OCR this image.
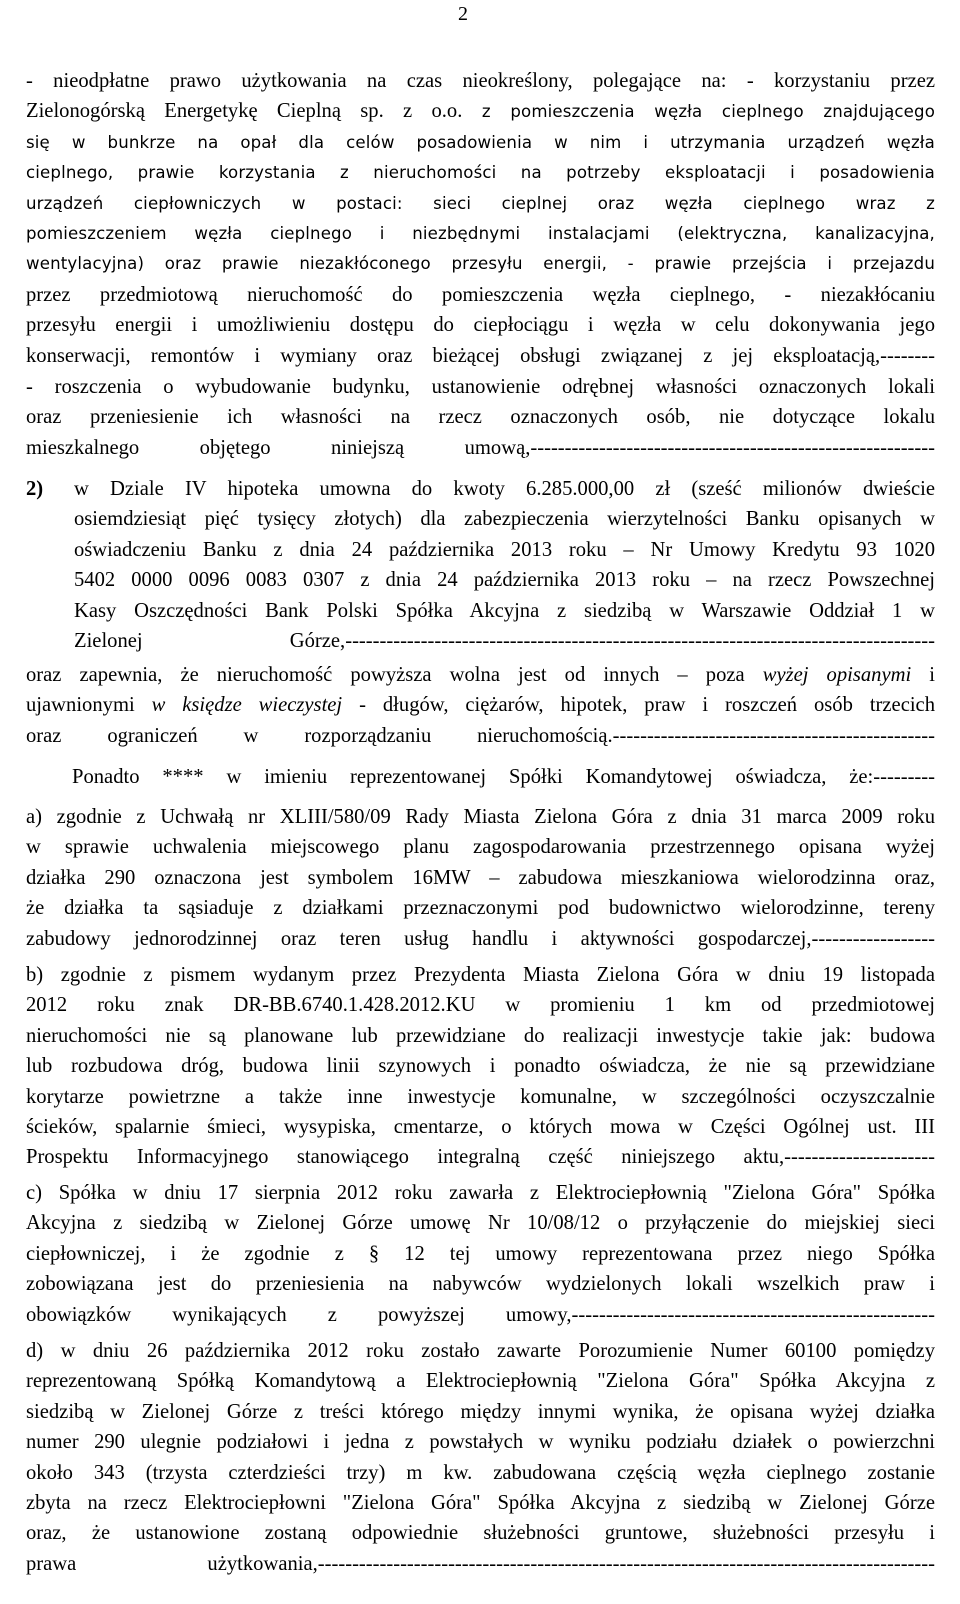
2
- nieodpłatne prawo użytkowania na czas nieokreślony, polegające na: - korzystaniu przez
Zielonogórską Energetykę Cieplną sp. z o.o. z pomieszczenia węzła cieplnego znajdującego
się w bunkrze na opał dla celów posadowienia w nim i utrzymania urządzeń węzła
cieplnego, prawie korzystania z nieruchomości na potrzeby eksploatacji i posadowienia
urządzeń ciepłowniczych w postaci: sieci cieplnej oraz węzła cieplnego wraz z
pomieszczeniem węzła cieplnego i niezbędnymi instalacjami (elektryczna, kanalizacyjna,
wentylacyjna) oraz prawie niezakłóconego przesyłu energii, - prawie przejścia i przejazdu
przez przedmiotową nieruchomość do pomieszczenia węzła cieplnego, - niezakłócaniu
przesyłu energii i umożliwieniu dostępu do ciepłociągu i węzła w celu dokonywania jego
konserwacji, remontów i wymiany oraz bieżącej obsługi związanej z jej eksploatacją,--------
- roszczenia o wybudowanie budynku, ustanowienie odrębnej własności oznaczonych lokali
oraz przeniesienie ich własności na rzecz oznaczonych osób, nie dotyczące lokalu
mieszkalnego objętego niniejszą umową,-----------------------------------------------------------
2)	w Dziale IV hipoteka umowna do kwoty 6.285.000,00 zł (sześć milionów dwieście
osiemdziesiąt pięć tysięcy złotych) dla zabezpieczenia wierzytelności Banku opisanych w
oświadczeniu Banku z dnia 24 października 2013 roku – Nr Umowy Kredytu 93 1020
5402 0000 0096 0083 0307 z dnia 24 października 2013 roku – na rzecz Powszechnej
Kasy Oszczędności Bank Polski Spółka Akcyjna z siedzibą w Warszawie Oddział 1 w
Zielonej Górze,--------------------------------------------------------------------------------------
oraz zapewnia, że nieruchomość powyższa wolna jest od innych – poza wyżej opisanymi i
ujawnionymi w księdze wieczystej - długów, ciężarów, hipotek, praw i roszczeń osób trzecich
oraz ograniczeń w rozporządzaniu nieruchomością.-----------------------------------------------
Ponadto **** w imieniu reprezentowanej Spółki Komandytowej oświadcza, że:---------
a) zgodnie z Uchwałą nr XLIII/580/09 Rady Miasta Zielona Góra z dnia 31 marca 2009 roku
w sprawie uchwalenia miejscowego planu zagospodarowania przestrzennego opisana wyżej
działka 290 oznaczona jest symbolem 16MW – zabudowa mieszkaniowa wielorodzinna oraz,
że działka ta sąsiaduje z działkami przeznaczonymi pod budownictwo wielorodzinne, tereny
zabudowy jednorodzinnej oraz teren usług handlu i aktywności gospodarczej,------------------
b) zgodnie z pismem wydanym przez Prezydenta Miasta Zielona Góra w dniu 19 listopada
2012 roku znak DR-BB.6740.1.428.2012.KU w promieniu 1 km od przedmiotowej
nieruchomości nie są planowane lub przewidziane do realizacji inwestycje takie jak: budowa
lub rozbudowa dróg, budowa linii szynowych i ponadto oświadcza, że nie są przewidziane
korytarze powietrzne a także inne inwestycje komunalne, w szczególności oczyszczalnie
ścieków, spalarnie śmieci, wysypiska, cmentarze, o których mowa w Części Ogólnej ust. III
Prospektu Informacyjnego stanowiącego integralną część niniejszego aktu,----------------------
c) Spółka w dniu 17 sierpnia 2012 roku zawarła z Elektrociepłownią "Zielona Góra" Spółka
Akcyjna z siedzibą w Zielonej Górze umowę Nr 10/08/12 o przyłączenie do miejskiej sieci
ciepłowniczej, i że zgodnie z § 12 tej umowy reprezentowana przez niego Spółka
zobowiązana jest do przeniesienia na nabywców wydzielonych lokali wszelkich praw i
obowiązków wynikających z powyższej umowy,-----------------------------------------------------
d) w dniu 26 października 2012 roku zostało zawarte Porozumienie Numer 60100 pomiędzy
reprezentowaną Spółką Komandytową a Elektrociepłownią "Zielona Góra" Spółka Akcyjna z
siedzibą w Zielonej Górze z treści którego między innymi wynika, że opisana wyżej działka
numer 290 ulegnie podziałowi i jedna z powstałych w wyniku podziału działek o powierzchni
około 343 (trzysta czterdzieści trzy) m kw. zabudowana częścią węzła cieplnego zostanie
zbyta na rzecz Elektrociepłowni "Zielona Góra" Spółka Akcyjna z siedzibą w Zielonej Górze
oraz, że ustanowione zostaną odpowiednie służebności gruntowe, służebności przesyłu i
prawa użytkowania,------------------------------------------------------------------------------------------
